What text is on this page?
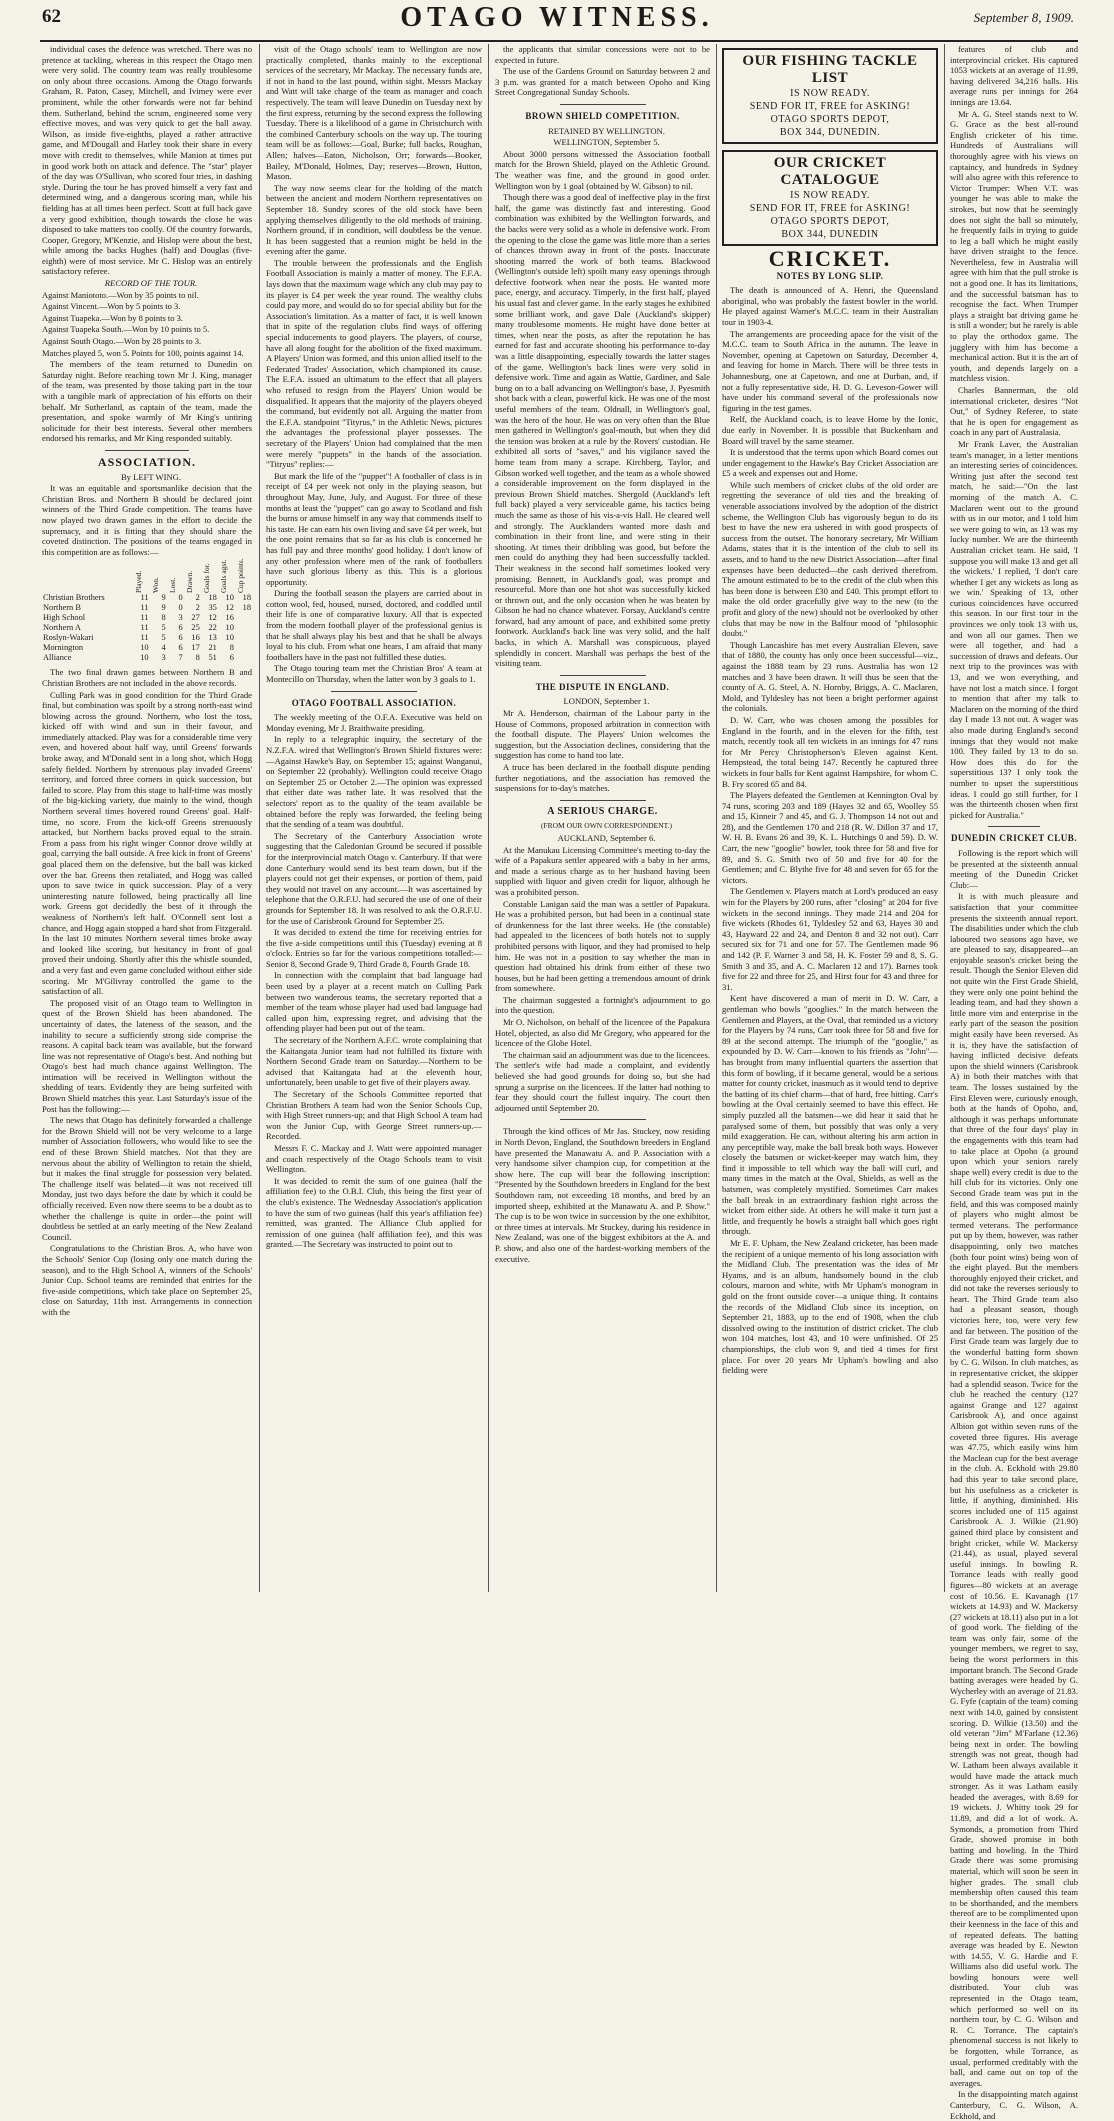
62	OTAGO WITNESS.	September 8, 1909.

individual cases the defence was wretched. There was no pretence at tackling, whereas in this respect the Otago men were very solid. The country team was really troublesome on only about three occasions. Among the Otago forwards Graham, R. Paton, Casey, Mitchell, and Ivimey were ever prominent, while the other forwards were not far behind them. Sutherland, behind the scrum, engineered some very effective moves, and was very quick to get the ball away. Wilson, as inside five-eighths, played a rather attractive game, and M'Dougall and Harley took their share in every move with credit to themselves, while Manion at times put in good work both on attack and defence. The "star" player of the day was O'Sullivan, who scored four tries, in dashing style. During the tour he has proved himself a very fast and determined wing, and a dangerous scoring man, while his fielding has at all times been perfect. Scott at full back gave a very good exhibition, though towards the close he was disposed to take matters too coolly. Of the country forwards, Cooper, Gregory, M'Kenzie, and Hislop were about the best, while among the backs Hughes (half) and Douglas (five-eighth) were of most service. Mr C. Hislop was an entirely satisfactory referee.

RECORD OF THE TOUR.

Against Maniototo.—Won by 35 points to nil.

Against Vincent.—Won by 5 points to 3.

Against Tuapeka.—Won by 8 points to 3.

Against Tuapeka South.—Won by 10 points to 5.

Against South Otago.—Won by 28 points to 3.

Matches played 5, won 5. Points for 100, points against 14.

The members of the team returned to Dunedin on Saturday night. Before reaching town Mr J. King, manager of the team, was presented by those taking part in the tour with a tangible mark of appreciation of his efforts on their behalf. Mr Sutherland, as captain of the team, made the presentation, and spoke warmly of Mr King's untiring solicitude for their best interests. Several other members endorsed his remarks, and Mr King responded suitably.

ASSOCIATION.

By LEFT WING.

It was an equitable and sportsmanlike decision that the Christian Bros. and Northern B should be declared joint winners of the Third Grade competition. The teams have now played two drawn games in the effort to decide the supremacy, and it is fitting that they should share the coveted distinction. The positions of the teams engaged in this competition are as follows:—

	Played.	Won.	Lost.	Drawn.	Goals for.	Goals agst.	Cup points.
Christian Brothers	11	9	0	2	18	10	18
Northern B	11	9	0	2	35	12	18
High School	11	8	3	27	12	16	
Northern A	11	5	6	25	22	10	
Roslyn-Wakari	11	5	6	16	13	10	
Mornington	10	4	6	17	21	8	
Alliance	10	3	7	8	51	6	

The two final drawn games between Northern B and Christian Brothers are not included in the above records.

Culling Park was in good condition for the Third Grade final, but combination was spoilt by a strong north-east wind blowing across the ground. Northern, who lost the toss, kicked off with wind and sun in their favour, and immediately attacked. Play was for a considerable time very even, and hovered about half way, until Greens' forwards broke away, and M'Donald sent in a long shot, which Hogg safely fielded. Northern by strenuous play invaded Greens' territory, and forced three corners in quick succession, but failed to score. Play from this stage to half-time was mostly of the big-kicking variety, due mainly to the wind, though Northern several times hovered round Greens' goal. Half-time, no score. From the kick-off Greens strenuously attacked, but Northern backs proved equal to the strain. From a pass from his right winger Connor drove wildly at goal, carrying the ball outside. A free kick in front of Greens' goal placed them on the defensive, but the ball was kicked over the bar. Greens then retaliated, and Hogg was called upon to save twice in quick succession. Play of a very uninteresting nature followed, being practically all line work. Greens got decidedly the best of it through the weakness of Northern's left half. O'Connell sent lost a chance, and Hogg again stopped a hard shot from Fitzgerald. In the last 10 minutes Northern several times broke away and looked like scoring, but hesitancy in front of goal proved their undoing. Shortly after this the whistle sounded, and a very fast and even game concluded without either side scoring. Mr M'Gilivray controlled the game to the satisfaction of all.

The proposed visit of an Otago team to Wellington in quest of the Brown Shield has been abandoned. The uncertainty of dates, the lateness of the season, and the inability to secure a sufficiently strong side comprise the reasons. A capital back team was available, but the forward line was not representative of Otago's best. And nothing but Otago's best had much chance against Wellington. The intimation will be received in Wellington without the shedding of tears. Evidently they are being surfeited with Brown Shield matches this year. Last Saturday's issue of the Post has the following:—

The news that Otago has definitely forwarded a challenge for the Brown Shield will not be very welcome to a large number of Association followers, who would like to see the end of these Brown Shield matches. Not that they are nervous about the ability of Wellington to retain the shield, but it makes the final struggle for possession very belated. The challenge itself was belated—it was not received till Monday, just two days before the date by which it could be officially received. Even now there seems to be a doubt as to whether the challenge is quite in order—the point will doubtless be settled at an early meeting of the New Zealand Council.

Congratulations to the Christian Bros. A, who have won the Schools' Senior Cup (losing only one match during the season), and to the High School A, winners of the Schools' Junior Cup. School teams are reminded that entries for the five-aside competitions, which take place on September 25, close on Saturday, 11th inst. Arrangements in connection with the

visit of the Otago schools' team to Wellington are now practically completed, thanks mainly to the exceptional services of the secretary, Mr Mackay. The necessary funds are, if not in hand to the last pound, within sight. Messrs Mackay and Watt will take charge of the team as manager and coach respectively. The team will leave Dunedin on Tuesday next by the first express, returning by the second express the following Tuesday. There is a likelihood of a game in Christchurch with the combined Canterbury schools on the way up. The touring team will be as follows:—Goal, Burke; full backs, Roughan, Allen; halves—Eaton, Nicholson, Orr; forwards—Booker, Bailey, M'Donald, Holmes, Day; reserves—Brown, Hutton, Mason.

The way now seems clear for the holding of the match between the ancient and modern Northern representatives on September 18. Sundry scores of the old stock have been applying themselves diligently to the old methods of training. Northern ground, if in condition, will doubtless be the venue. It has been suggested that a reunion might be held in the evening after the game.

The trouble between the professionals and the English Football Association is mainly a matter of money. The F.F.A. lays down that the maximum wage which any club may pay to its player is £4 per week the year round. The wealthy clubs could pay more, and would do so for special ability but for the Association's limitation. As a matter of fact, it is well known that in spite of the regulation clubs find ways of offering special inducements to good players. The players, of course, have all along fought for the abolition of the fixed maximum. A Players' Union was formed, and this union allied itself to the Federated Trades' Association, which championed its cause. The E.F.A. issued an ultimatum to the effect that all players who refused to resign from the Players' Union would be disqualified. It appears that the majority of the players obeyed the command, but evidently not all. Arguing the matter from the E.F.A. standpoint "Tityrus," in the Athletic News, pictures the advantages the professional player possesses. The secretary of the Players' Union had complained that the men were merely "puppets" in the hands of the association. "Titryus" replies:—

But mark the life of the "puppet"! A footballer of class is in receipt of £4 per week not only in the playing season, but throughout May, June, July, and August. For three of these months at least the "puppet" can go away to Scotland and fish the burns or amuse himself in any way that commends itself to his taste. He can earn his own living and save £4 per week, but the one point remains that so far as his club is concerned he has full pay and three months' good holiday. I don't know of any other profession where men of the rank of footballers have such glorious liberty as this. This is a glorious opportunity.

During the football season the players are carried about in cotton wool, fed, housed, nursed, doctored, and coddled until their life is one of comparative luxury. All that is expected from the modern football player of the professional genius is that he shall always play his best and that he shall be always loyal to his club. From what one hears, I am afraid that many footballers have in the past not fulfilled these duties.

The Otago touring team met the Christian Bros' A team at Montecillo on Thursday, when the latter won by 3 goals to 1.

OTAGO FOOTBALL ASSOCIATION.

The weekly meeting of the O.F.A. Executive was held on Monday evening, Mr J. Braithwaite presiding.

In reply to a telegraphic inquiry, the secretary of the N.Z.F.A. wired that Wellington's Brown Shield fixtures were:—Against Hawke's Bay, on September 15; against Wanganui, on September 22 (probably). Wellington could receive Otago on September 25 or October 2.—The opinion was expressed that either date was rather late. It was resolved that the selectors' report as to the quality of the team available be obtained before the reply was forwarded, the feeling being that the sending of a team was doubtful.

The Secretary of the Canterbury Association wrote suggesting that the Caledonian Ground be secured if possible for the interprovincial match Otago v. Canterbury. If that were done Canterbury would send its best team down, but if the players could not get their expenses, or portion of them, paid they would not travel on any account.—It was ascertained by telephone that the O.R.F.U. had secured the use of one of their grounds for September 18. It was resolved to ask the O.R.F.U. for the use of Carisbrook Ground for September 25.

It was decided to extend the time for receiving entries for the five a-side competitions until this (Tuesday) evening at 8 o'clock. Entries so far for the various competitions totalled:—Senior 8, Second Grade 9, Third Grade 8, Fourth Grade 18.

In connection with the complaint that bad language had been used by a player at a recent match on Culling Park between two wanderous teams, the secretary reported that a member of the team whose player had used bad language had called upon him, expressing regret, and advising that the offending player had been put out of the team.

The secretary of the Northern A.F.C. wrote complaining that the Kaitangata Junior team had not fulfilled its fixture with Northern Second Grade team on Saturday.—Northern to be advised that Kaitangata had at the eleventh hour, unfortunately, been unable to get five of their players away.

The Secretary of the Schools Committee reported that Christian Brothers A team had won the Senior Schools Cup, with High Street runners-up; and that High School A team had won the Junior Cup, with George Street runners-up.—Recorded.

Messrs F. C. Mackay and J. Watt were appointed manager and coach respectively of the Otago Schools team to visit Wellington.

It was decided to remit the sum of one guinea (half the affiliation fee) to the O.B.I. Club, this being the first year of the club's existence. The Wednesday Association's application to have the sum of two guineas (half this year's affiliation fee) remitted, was granted. The Alliance Club applied for remission of one guinea (half affiliation fee), and this was granted.—The Secretary was instructed to point out to

the applicants that similar concessions were not to be expected in future.

The use of the Gardens Ground on Saturday between 2 and 3 p.m. was granted for a match between Opoho and King Street Congregational Sunday Schools.

BROWN SHIELD COMPETITION.

RETAINED BY WELLINGTON.

WELLINGTON, September 5.

About 3000 persons witnessed the Association football match for the Brown Shield, played on the Athletic Ground. The weather was fine, and the ground in good order. Wellington won by 1 goal (obtained by W. Gibson) to nil.

Though there was a good deal of ineffective play in the first half, the game was distinctly fast and interesting. Good combination was exhibited by the Wellington forwards, and the backs were very solid as a whole in defensive work. From the opening to the close the game was little more than a series of chances thrown away in front of the posts. Inaccurate shooting marred the work of both teams. Blackwood (Wellington's outside left) spoilt many easy openings through defective footwork when near the posts. He wanted more pace, energy, and accuracy. Timperly, in the first half, played his usual fast and clever game. In the early stages he exhibited some brilliant work, and gave Dale (Auckland's skipper) many troublesome moments. He might have done better at times, when near the posts, as after the reputation he has earned for fast and accurate shooting his performance to-day was a little disappointing, especially towards the latter stages of the game. Wellington's back lines were very solid in defensive work. Time and again as Wattie, Gardiner, and Sale bung on to a ball advancing on Wellington's base, J. Pyesmith shot back with a clean, powerful kick. He was one of the most useful members of the team. Oldnall, in Wellington's goal, was the hero of the hour. He was on very often than the Blue men gathered in Wellington's goal-mouth, but when they did the tension was broken at a rule by the Rovers' custodian. He exhibited all sorts of "saves," and his vigilance saved the home team from many a scrape. Kirchberg, Taylor, and Gibson worked well together, and the team as a whole showed a considerable improvement on the form displayed in the previous Brown Shield matches. Shergold (Auckland's left full back) played a very serviceable game, his tactics being much the same as those of his vis-a-vis Hall. He cleared well and strongly. The Aucklanders wanted more dash and combination in their front line, and were sting in their shooting. At times their dribbling was good, but before the men could do anything they had been successfully tackled. Their weakness in the second half sometimes looked very promising. Bennett, in Auckland's goal, was prompt and resourceful. More than one hot shot was successfully kicked or thrown out, and the only occasion when he was beaten by Gibson he had no chance whatever. Forsay, Auckland's centre forward, had any amount of pace, and exhibited some pretty footwork. Auckland's back line was very solid, and the half backs, in which A. Marshall was conspicuous, played splendidly in concert. Marshall was perhaps the best of the visiting team.

THE DISPUTE IN ENGLAND.

LONDON, September 1.

Mr A. Henderson, chairman of the Labour party in the House of Commons, proposed arbitration in connection with the football dispute. The Players' Union welcomes the suggestion, but the Association declines, considering that the suggestion has come to hand too late.

A truce has been declared in the football dispute pending further negotiations, and the association has removed the suspensions for to-day's matches.

A SERIOUS CHARGE.

(FROM OUR OWN CORRESPONDENT.)

AUCKLAND, September 6.

At the Manukau Licensing Committee's meeting to-day the wife of a Papakura settler appeared with a baby in her arms, and made a serious charge as to her husband having been supplied with liquor and given credit for liquor, although he was a prohibited person.

Constable Lanigan said the man was a settler of Papakura. He was a prohibited person, but had been in a continual state of drunkenness for the last three weeks. He (the constable) had appealed to the licencees of both hotels not to supply prohibited persons with liquor, and they had promised to help him. He was not in a position to say whether the man in question had obtained his drink from either of these two houses, but he had been getting a tremendous amount of drink from somewhere.

The chairman suggested a fortnight's adjournment to go into the question.

Mr O. Nicholson, on behalf of the licencee of the Papakura Hotel, objected, as also did Mr Gregory, who appeared for the licencee of the Globe Hotel.

The chairman said an adjournment was due to the licencees. The settler's wife had made a complaint, and evidently believed she had good grounds for doing so, but she had sprung a surprise on the licencees. If the latter had nothing to fear they should court the fullest inquiry. The court then adjourned until September 20.

Through the kind offices of Mr Jas. Stuckey, now residing in North Devon, England, the Southdown breeders in England have presented the Manawatu A. and P. Association with a very handsome silver champion cup, for competition at the show here. The cup will bear the following inscription: "Presented by the Southdown breeders in England for the best Southdown ram, not exceeding 18 months, and bred by an imported sheep, exhibited at the Manawatu A. and P. Show." The cup is to be won twice in succession by the one exhibitor, or three times at intervals. Mr Stuckey, during his residence in New Zealand, was one of the biggest exhibitors at the A. and P. show, and also one of the hardest-working members of the executive.

OUR FISHING TACKLE LIST
IS NOW READY.
SEND FOR IT, FREE for ASKING!
OTAGO SPORTS DEPOT,
BOX 344, DUNEDIN.
OUR CRICKET CATALOGUE
IS NOW READY.
SEND FOR IT, FREE for ASKING!
OTAGO SPORTS DEPOT,
BOX 344, DUNEDIN
CRICKET.
NOTES BY LONG SLIP.

The death is announced of A. Henri, the Queensland aboriginal, who was probably the fastest bowler in the world. He played against Warner's M.C.C. team in their Australian tour in 1903-4.

The arrangements are proceeding apace for the visit of the M.C.C. team to South Africa in the autumn. The leave in November, opening at Capetown on Saturday, December 4, and leaving for home in March. There will be three tests in Johannesburg, one at Capetown, and one at Durban, and, if not a fully representative side, H. D. G. Leveson-Gower will have under his command several of the professionals now figuring in the test games.

Relf, the Auckland coach, is to leave Home by the Ionic, due early in November. It is possible that Buckenham and Board will travel by the same steamer.

It is understood that the terms upon which Board comes out under engagement to the Hawke's Bay Cricket Association are £5 a week and expenses out and Home.

While such members of cricket clubs of the old order are regretting the severance of old ties and the breaking of venerable associations involved by the adoption of the district scheme, the Wellington Club has vigorously begun to do its best to have the new era ushered in with good prospects of success from the outset. The honorary secretary, Mr William Adams, states that it is the intention of the club to sell its assets, and to hand to the new District Association—after final expenses have been deducted—the cash derived therefrom. The amount estimated to be to the credit of the club when this has been done is between £30 and £40. This prompt effort to make the old order gracefully give way to the new (to the profit and glory of the new) should not be overlooked by other clubs that may be now in the Balfour mood of "philosophic doubt."

Though Lancashire has met every Australian Eleven, save that of 1880, the county has only once been successful—viz., against the 1888 team by 23 runs. Australia has won 12 matches and 3 have been drawn. It will thus be seen that the county of A. G. Steel, A. N. Hornby, Briggs, A. C. Maclaren, Mold, and Tyldesley has not been a bright performer against the colonials.

D. W. Carr, who was chosen among the possibles for England in the fourth, and in the eleven for the fifth, test match, recently took all ten wickets in an innings for 47 runs for Mr Percy Christopherson's Eleven against Kent. Hempstead, the total being 147. Recently he captured three wickets in four balls for Kent against Hampshire, for whom C. B. Fry scored 65 and 84.

The Players defeated the Gentlemen at Kennington Oval by 74 runs, scoring 203 and 189 (Hayes 32 and 65, Woolley 55 and 15, Kinneir 7 and 45, and G. J. Thompson 14 not out and 28), and the Gentlemen 170 and 218 (R. W. Dillon 37 and 17, W. H. B. Evans 26 and 39, K. L. Hutchings 0 and 59). D. W. Carr, the new "googlie" bowler, took three for 58 and five for 89, and S. G. Smith two of 50 and five for 40 for the Gentlemen; and C. Blythe five for 48 and seven for 65 for the victors.

The Gentlemen v. Players match at Lord's produced an easy win for the Players by 200 runs, after "closing" at 204 for five wickets in the second innings. They made 214 and 204 for five wickets (Rhodes 61, Tyldesley 52 and 63, Hayes 30 and 43, Hayward 22 and 24, and Denton 8 and 32 not out). Carr secured six for 71 and one for 57. The Gentlemen made 96 and 142 (P. F. Warner 3 and 58, H. K. Foster 59 and 8, S. G. Smith 3 and 35, and A. C. Maclaren 12 and 17). Barnes took five for 22 and three for 25, and Hirst four for 43 and three for 31.

Kent have discovered a man of merit in D. W. Carr, a gentleman who bowls "googlies." In the match between the Gentlemen and Players, at the Oval, that reminded us a victory for the Players by 74 runs, Carr took three for 58 and five for 89 at the second attempt. The triumph of the "googlie," as expounded by D. W. Carr—known to his friends as "John"—has brought from many influential quarters the assertion that this form of bowling, if it became general, would be a serious matter for county cricket, inasmuch as it would tend to deprive the batting of its chief charm—that of hard, free hitting. Carr's bowling at the Oval certainly seemed to have this effect. He simply puzzled all the batsmen—we did hear it said that he paralysed some of them, but possibly that was only a very mild exaggeration. He can, without altering his arm action in any perceptible way, make the ball break both ways. However closely the batsmen or wicket-keeper may watch him, they find it impossible to tell which way the ball will curl, and many times in the match at the Oval, Shields, as well as the batsmen, was completely mystified. Sometimes Carr makes the ball break in an extraordinary fashion right across the wicket from either side. At others he will make it turn just a little, and frequently he bowls a straight ball which goes right through.

Mr E. F. Upham, the New Zealand cricketer, has been made the recipient of a unique memento of his long association with the Midland Club. The presentation was the idea of Mr Hyams, and is an album, handsomely bound in the club colours, maroon and white, with Mr Upham's monogram in gold on the front outside cover—a unique thing. It contains the records of the Midland Club since its inception, on September 21, 1883, up to the end of 1908, when the club dissolved owing to the institution of district cricket. The club won 104 matches, lost 43, and 10 were unfinished. Of 25 championships, the club won 9, and tied 4 times for first place. For over 20 years Mr Upham's bowling and also fielding were

features of club and interprovincial cricket. His captured 1053 wickets at an average of 11.99, having delivered 34,216 balls. His average runs per innings for 264 innings are 13.64.

Mr A. G. Steel stands next to W. G. Grace as the best all-round English cricketer of his time. Hundreds of Australians will thoroughly agree with his views on captaincy, and hundreds in Sydney will also agree with this reference to Victor Trumper: When V.T. was younger he was able to make the strokes, but now that he seemingly does not sight the ball so minutely, he frequently fails in trying to guide to leg a ball which he might easily have driven straight to the fence. Nevertheless, few in Australia will agree with him that the pull stroke is not a good one. It has its limitations, and the successful batsman has to recognise the fact. When Trumper plays a straight bat driving game he is still a wonder; but he rarely is able to play the orthodox game. The jugglery with him has become a mechanical action. But it is the art of youth, and depends largely on a matchless vision.

Charles Bannerman, the old international cricketer, desires "Not Out," of Sydney Referee, to state that he is open for engagement as coach in any part of Australasia.

Mr Frank Laver, the Australian team's manager, in a letter mentions an interesting series of coincidences. Writing just after the second test match, he said:—"On the last morning of the match A. C. Maclaren went out to the ground with us in our motor, and I told him we were going to win, as 13 was my lucky number. We are the thirteenth Australian cricket team. He said, 'I suppose you will make 13 and get all the wickets.' I replied, 'I don't care whether I get any wickets as long as we win.' Speaking of 13, other curious coincidences have occurred this season. In our first tour in the provinces we only took 13 with us, and won all our games. Then we were all together, and had a succession of draws and defeats. Our next trip to the provinces was with 13, and we won everything, and have not lost a match since. I forgot to mention that after my talk to Maclaren on the morning of the third day I made 13 not out. A wager was also made during England's second innings that they would not make 100. They failed by 13 to do so. How does this do for the superstitious 13? I only took the number to upset the superstitious ideas. I could go still further, for I was the thirteenth chosen when first picked for Australia."

DUNEDIN CRICKET CLUB.

Following is the report which will be presented at the sixteenth annual meeting of the Dunedin Cricket Club:—

It is with much pleasure and satisfaction that your committee presents the sixteenth annual report. The disabilities under which the club laboured two seasons ago have, we are pleased to say, disappeared—an enjoyable season's cricket being the result. Though the Senior Eleven did not quite win the First Grade Shield, they were only one point behind the leading team, and had they shown a little more vim and enterprise in the early part of the season the position might easily have been reversed. As it is, they have the satisfaction of having inflicted decisive defeats upon the shield winners (Carisbrook A) in both their matches with that team. The losses sustained by the First Eleven were, curiously enough, both at the hands of Opoho, and, although it was perhaps unfortunate that three of the four days' play in the engagements with this team had to take place at Opoho (a ground upon which your seniors rarely shape well) every credit is due to the hill club for its victories. Only one Second Grade team was put in the field, and this was composed mainly of players who might almost be termed veterans. The performance put up by them, however, was rather disappointing, only two matches (both four point wins) being won of the eight played. But the members thoroughly enjoyed their cricket, and did not take the reverses seriously to heart. The Third Grade team also had a pleasant season, though victories here, too, were very few and far between. The position of the First Grade team was largely due to the wonderful batting form shown by C. G. Wilson. In club matches, as in representative cricket, the skipper had a splendid season. Twice for the club he reached the century (127 against Grange and 127 against Carisbrook A), and once against Albion got within seven runs of the coveted three figures. His average was 47.75, which easily wins him the Maclean cup for the best average in the club. A. Eckhold with 29.80 had this year to take second place, but his usefulness as a cricketer is little, if anything, diminished. His scores included one of 115 against Carisbrook A. J. Wilkie (21.90) gained third place by consistent and bright cricket, while W. Mackersy (21.44), as usual, played several useful innings. In bowling R. Torrance leads with really good figures—80 wickets at an average cost of 10.56. E. Kavanagh (17 wickets at 14.93) and W. Mackersy (27 wickets at 18.11) also put in a lot of good work. The fielding of the team was only fair, some of the younger members, we regret to say, being the worst performers in this important branch. The Second Grade batting averages were headed by G. Wycherley with an average of 21.83. G. Fyfe (captain of the team) coming next with 14.0, gained by consistent scoring. D. Wilkie (13.50) and the old veteran "Jim" M'Farlane (12.36) being next in order. The bowling strength was not great, though had W. Latham been always available it would have made the attack much stronger. As it was Latham easily headed the averages, with 8.69 for 19 wickets. J. Whitty took 29 for 11.89, and did a lot of work. A. Symonds, a promotion from Third Grade, showed promise in both batting and bowling. In the Third Grade there was some promising material, which will soon be seen in higher grades. The small club membership often caused this team to be shorthanded, and the members thereof are to be complimented upon their keenness in the face of this and of repeated defeats. The batting average was headed by E. Newton with 14.55, V. G. Hardie and F. Williams also did useful work. The bowling honours were well distributed. Your club was represented in the Otago team, which performed so well on its northern tour, by C. G. Wilson and R. C. Torrance. The captain's phenomenal success is not likely to be forgotten, while Torrance, as usual, performed creditably with the ball, and came out on top of the averages.

In the disappointing match against Canterbury, C. G. Wilson, A. Eckhold, and
